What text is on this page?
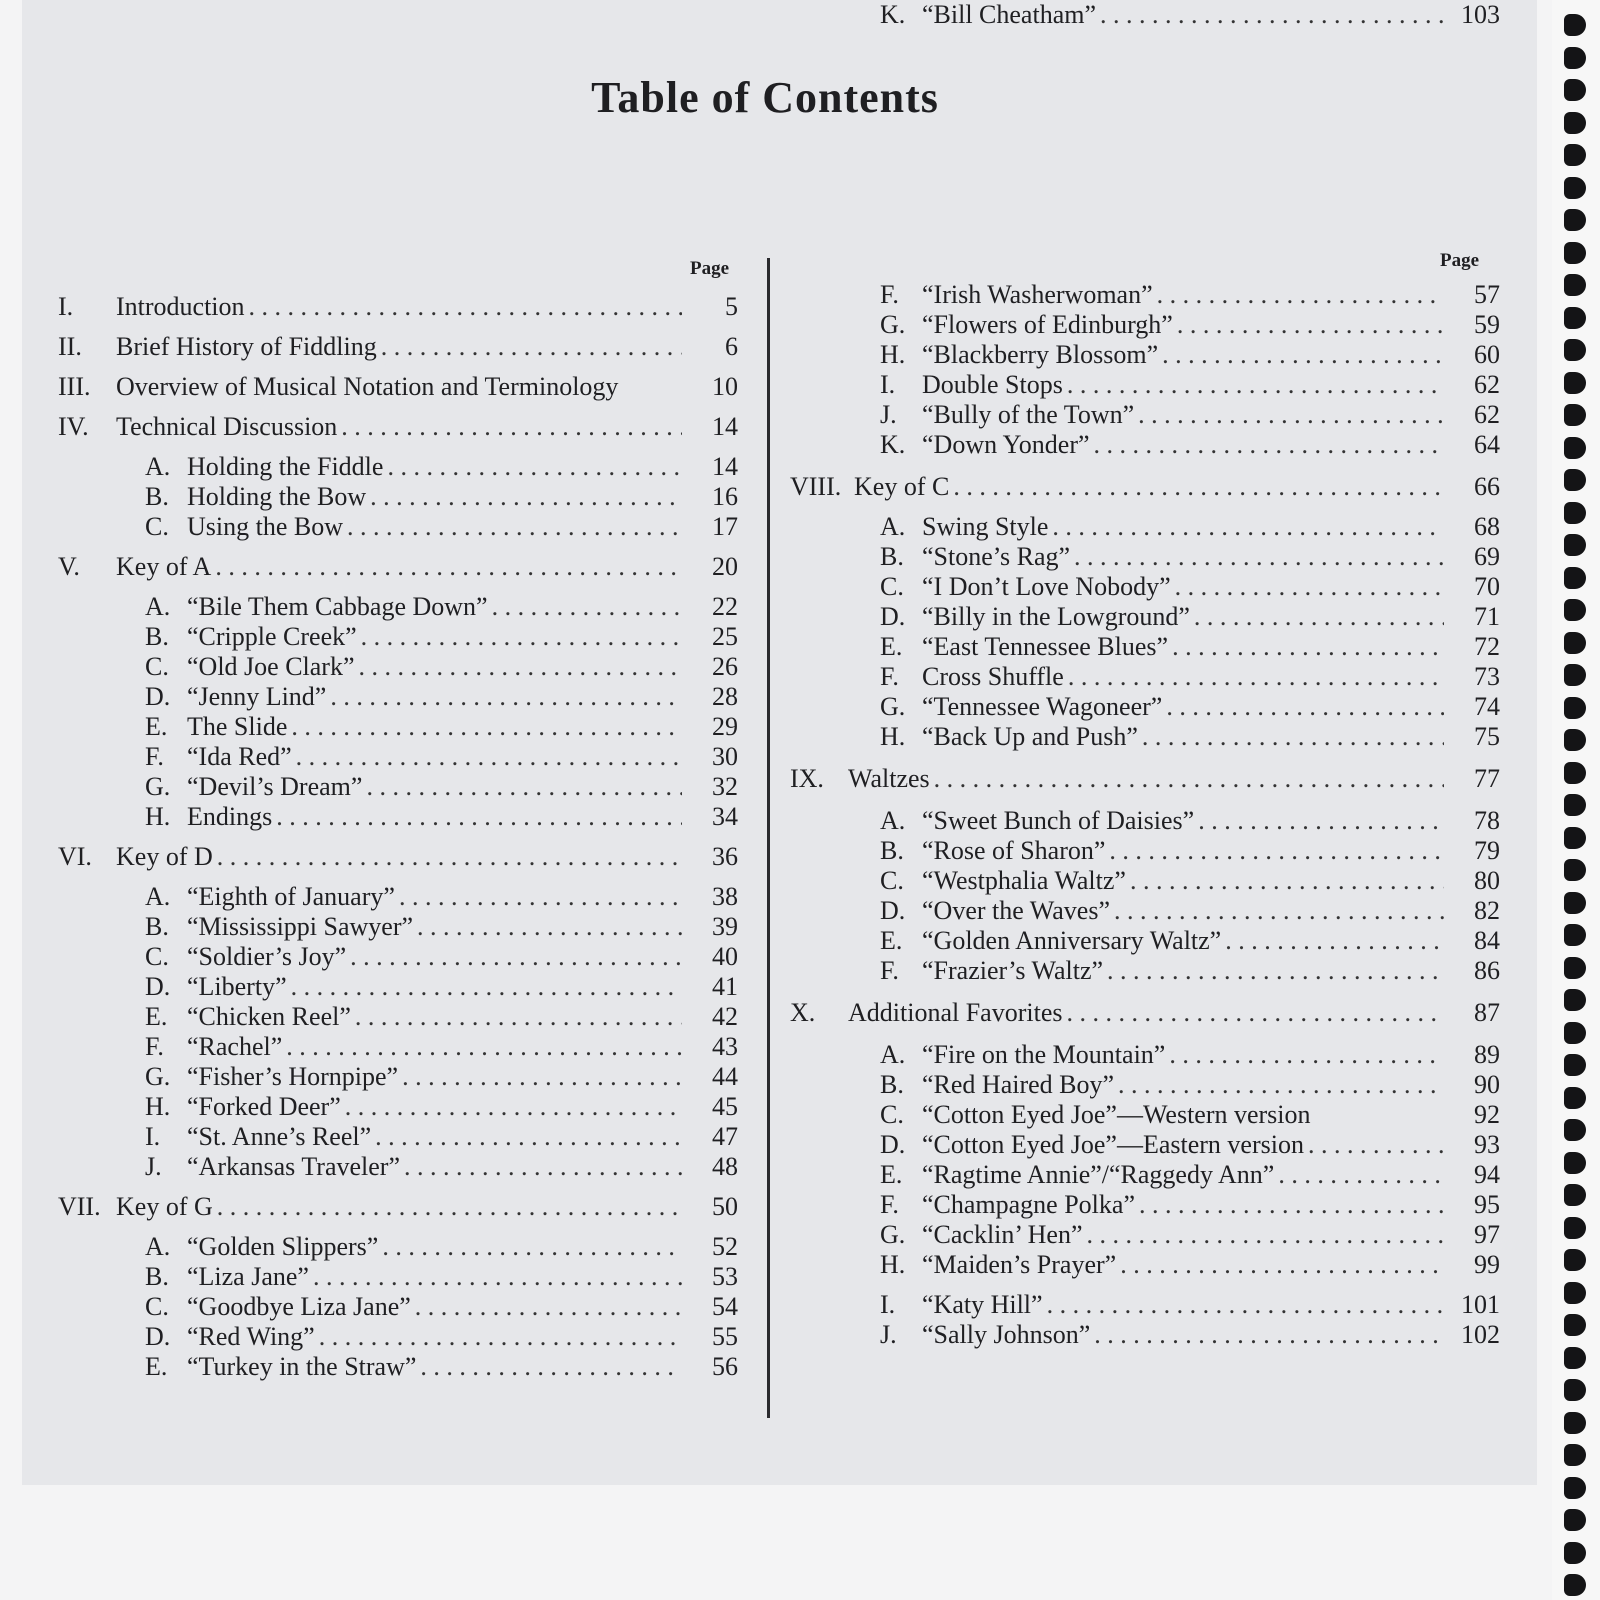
Table of Contents
Page	Page
I.	Introduction . . .	5
II.	Brief History of Fiddling . . .	6
III. Overview of Musical Notation and Terminology	10
IV.	Technical Discussion . . .	14
A. Holding the Fiddle . . .	14
B. Holding the Bow . . .	16
C. Using the Bow . . .	17
V.	Key of A . . .	20
A. “Bile Them Cabbage Down” . . .	22
B. “Cripple Creek” . . .	25
C. “Old Joe Clark” . . .	26
D. “Jenny Lind” . . .	28
E. The Slide . . .	29
F. “Ida Red” . . .	30
G. “Devil’s Dream” . . .	32
H. Endings . . .	34
VI. Key of D . . .	36
A. “Eighth of January” . . .	38
B. “Mississippi Sawyer” . . .	39
C. “Soldier’s Joy” . . .	40
D. “Liberty” . . .	41
E. “Chicken Reel” . . .	42
F. “Rachel” . . .	43
G. “Fisher’s Hornpipe” . . .	44
H. “Forked Deer” . . .	45
I.	“St. Anne’s Reel” . . .	47
J. “Arkansas Traveler” . . .	48
VII. Key of G . . .	50
A. “Golden Slippers” . . .	52
B. “Liza Jane” . . .	53
C. “Goodbye Liza Jane” . . .	54
D. “Red Wing” . . .	55
E. “Turkey in the Straw” . . .	56
F. “Irish Washerwoman” . . .	57
G. “Flowers of Edinburgh” . . .	59
H. “Blackberry Blossom” . . .	60
I.	Double Stops . . .	62
J. “Bully of the Town” . . .	62
K. “Down Yonder” . . .	64
VIII. Key of C . . .	66
A. Swing Style . . .	68
B. “Stone’s Rag” . . .	69
C. “I Don’t Love Nobody” . . .	70
D. “Billy in the Lowground” . . .	71
E. “East Tennessee Blues” . . .	72
F. Cross Shuffle . . .	73
G. “Tennessee Wagoneer” . . .	74
H. “Back Up and Push” . . .	75
IX. Waltzes . . .	77
A. “Sweet Bunch of Daisies” . . .	78
B. “Rose of Sharon” . . .	79
C. “Westphalia Waltz” . . .	80
D. “Over the Waves” . . .	82
E. “Golden Anniversary Waltz” . . .	84
F. “Frazier’s Waltz” . . .	86
X.	Additional Favorites . . .	87
A. “Fire on the Mountain” . . .	89
B. “Red Haired Boy” . . .	90
C. “Cotton Eyed Joe”—Western version	92
D. “Cotton Eyed Joe”—Eastern version . . .	93
E. “Ragtime Annie”/“Raggedy Ann” . . .	94
F. “Champagne Polka” . . .	95
G. “Cacklin’ Hen” . . .	97
H. “Maiden’s Prayer” . . .	99
I.	“Katy Hill” . . .	101
J. “Sally Johnson” . . .	102
K. “Bill Cheatham” . . .	103
